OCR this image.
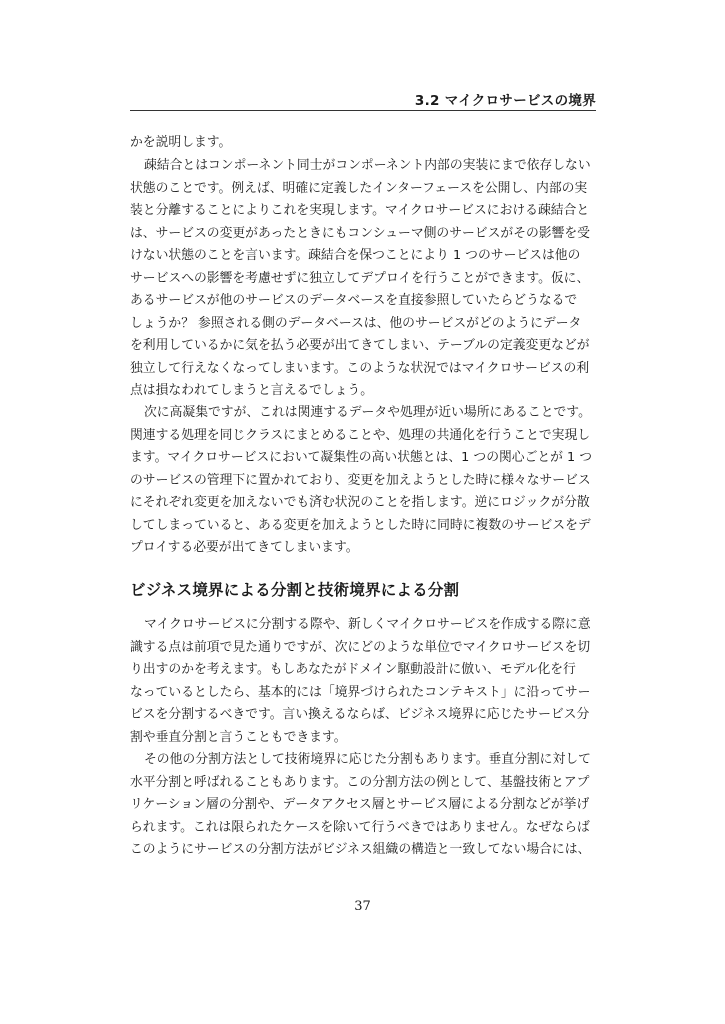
3.2 マイクロサービスの境界

かを説明します。

疎結合とはコンポーネント同士がコンポーネント内部の実装にまで依存しない
状態のことです。例えば、明確に定義したインターフェースを公開し、内部の実
装と分離することによりこれを実現します。マイクロサービスにおける疎結合と
は、サービスの変更があったときにもコンシューマ側のサービスがその影響を受
けない状態のことを言います。疎結合を保つことにより 1 つのサービスは他の
サービスへの影響を考慮せずに独立してデプロイを行うことができます。仮に、
あるサービスが他のサービスのデータベースを直接参照していたらどうなるで
しょうか？ 参照される側のデータベースは、他のサービスがどのようにデータ
を利用しているかに気を払う必要が出てきてしまい、テーブルの定義変更などが
独立して行えなくなってしまいます。このような状況ではマイクロサービスの利
点は損なわれてしまうと言えるでしょう。

次に高凝集ですが、これは関連するデータや処理が近い場所にあることです。
関連する処理を同じクラスにまとめることや、処理の共通化を行うことで実現し
ます。マイクロサービスにおいて凝集性の高い状態とは、1 つの関心ごとが 1 つ
のサービスの管理下に置かれており、変更を加えようとした時に様々なサービス
にそれぞれ変更を加えないでも済む状況のことを指します。逆にロジックが分散
してしまっていると、ある変更を加えようとした時に同時に複数のサービスをデ
プロイする必要が出てきてしまいます。

ビジネス境界による分割と技術境界による分割

マイクロサービスに分割する際や、新しくマイクロサービスを作成する際に意
識する点は前項で見た通りですが、次にどのような単位でマイクロサービスを切
り出すのかを考えます。もしあなたがドメイン駆動設計に倣い、モデル化を行
なっているとしたら、基本的には「境界づけられたコンテキスト」に沿ってサー
ビスを分割するべきです。言い換えるならば、ビジネス境界に応じたサービス分
割や垂直分割と言うこともできます。

その他の分割方法として技術境界に応じた分割もあります。垂直分割に対して
水平分割と呼ばれることもあります。この分割方法の例として、基盤技術とアプ
リケーション層の分割や、データアクセス層とサービス層による分割などが挙げ
られます。これは限られたケースを除いて行うべきではありません。なぜならば
このようにサービスの分割方法がビジネス組織の構造と一致してない場合には、

37
